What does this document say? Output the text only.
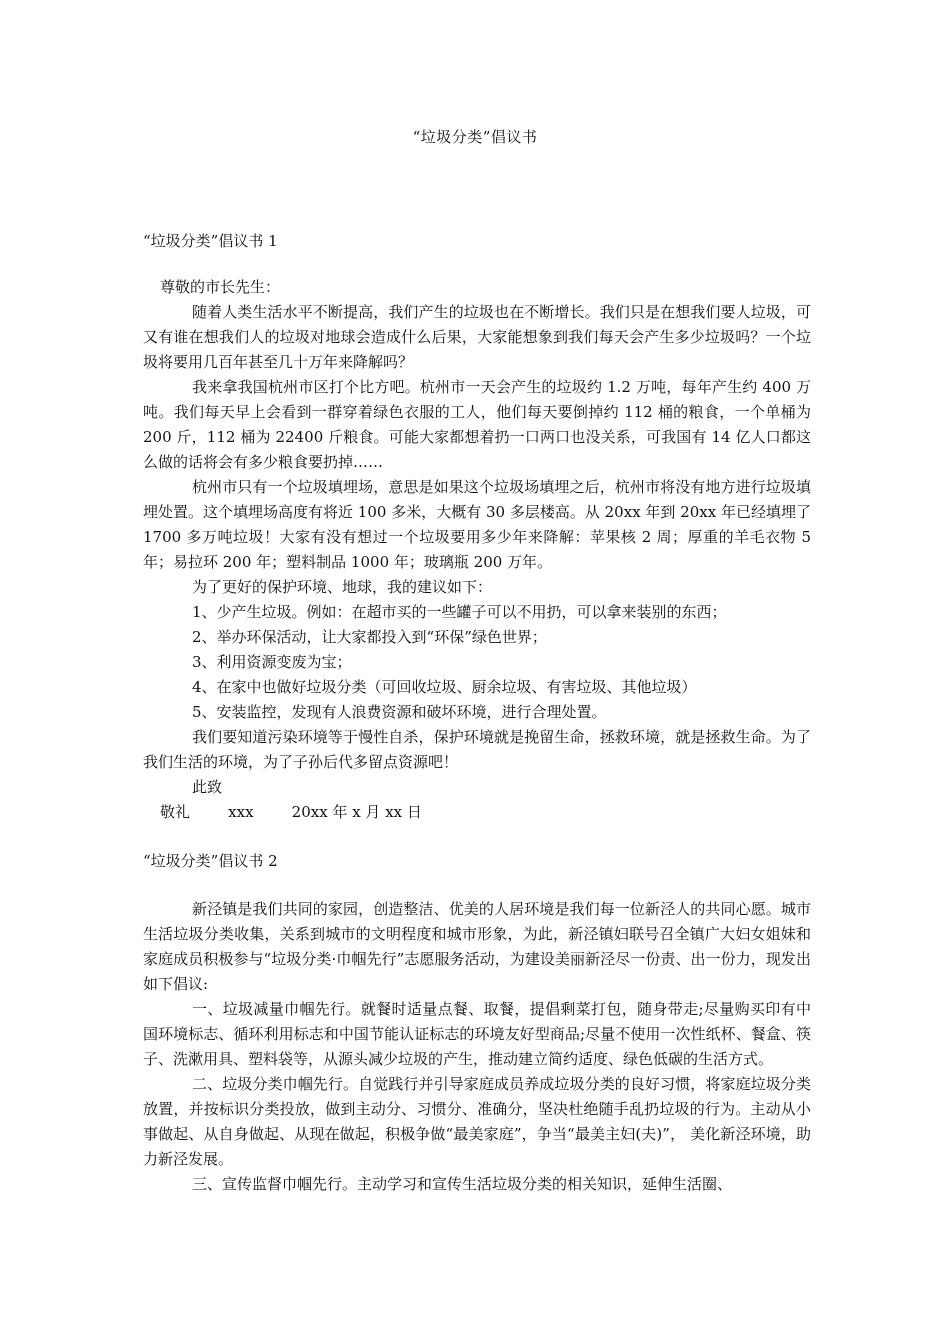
“垃圾分类”倡议书
“垃圾分类”倡议书 1

尊敬的市长先生：

随着人类生活水平不断提高，我们产生的垃圾也在不断增长。我们只是在想我们要人垃圾，可又有谁在想我们人的垃圾对地球会造成什么后果，大家能想象到我们每天会产生多少垃圾吗？一个垃圾将要用几百年甚至几十万年来降解吗？

我来拿我国杭州市区打个比方吧。杭州市一天会产生的垃圾约 1.2 万吨，每年产生约 400 万吨。我们每天早上会看到一群穿着绿色衣服的工人，他们每天要倒掉约 112 桶的粮食，一个单桶为 200 斤，112 桶为 22400 斤粮食。可能大家都想着扔一口两口也没关系，可我国有 14 亿人口都这么做的话将会有多少粮食要扔掉……

杭州市只有一个垃圾填埋场，意思是如果这个垃圾场填埋之后，杭州市将没有地方进行垃圾填埋处置。这个填埋场高度有将近 100 多米，大概有 30 多层楼高。从 20xx 年到 20xx 年已经填埋了 1700 多万吨垃圾！大家有没有想过一个垃圾要用多少年来降解：苹果核 2 周；厚重的羊毛衣物 5 年；易拉环 200 年；塑料制品 1000 年；玻璃瓶 200 万年。

为了更好的保护环境、地球，我的建议如下：

1、少产生垃圾。例如：在超市买的一些罐子可以不用扔，可以拿来装别的东西；

2、举办环保活动，让大家都投入到“环保”绿色世界；

3、利用资源变废为宝；

4、在家中也做好垃圾分类（可回收垃圾、厨余垃圾、有害垃圾、其他垃圾）

5、安装监控，发现有人浪费资源和破坏环境，进行合理处置。

我们要知道污染环境等于慢性自杀，保护环境就是挽留生命，拯救环境，就是拯救生命。为了我们生活的环境，为了子孙后代多留点资源吧！

此致

敬礼        xxx        20xx 年 x 月 xx 日

“垃圾分类”倡议书 2

新泾镇是我们共同的家园，创造整洁、优美的人居环境是我们每一位新泾人的共同心愿。城市生活垃圾分类收集，关系到城市的文明程度和城市形象，为此，新泾镇妇联号召全镇广大妇女姐妹和家庭成员积极参与“垃圾分类·巾帼先行”志愿服务活动，为建设美丽新泾尽一份责、出一份力，现发出如下倡议:

一、垃圾减量巾帼先行。就餐时适量点餐、取餐，提倡剩菜打包，随身带走;尽量购买印有中国环境标志、循环利用标志和中国节能认证标志的环境友好型商品;尽量不使用一次性纸杯、餐盒、筷子、洗漱用具、塑料袋等，从源头减少垃圾的产生，推动建立简约适度、绿色低碳的生活方式。

二、垃圾分类巾帼先行。自觉践行并引导家庭成员养成垃圾分类的良好习惯，将家庭垃圾分类放置，并按标识分类投放，做到主动分、习惯分、准确分，坚决杜绝随手乱扔垃圾的行为。主动从小事做起、从自身做起、从现在做起，积极争做“最美家庭”，争当“最美主妇(夫)”， 美化新泾环境，助力新泾发展。

三、宣传监督巾帼先行。主动学习和宣传生活垃圾分类的相关知识，延伸生活圈、
